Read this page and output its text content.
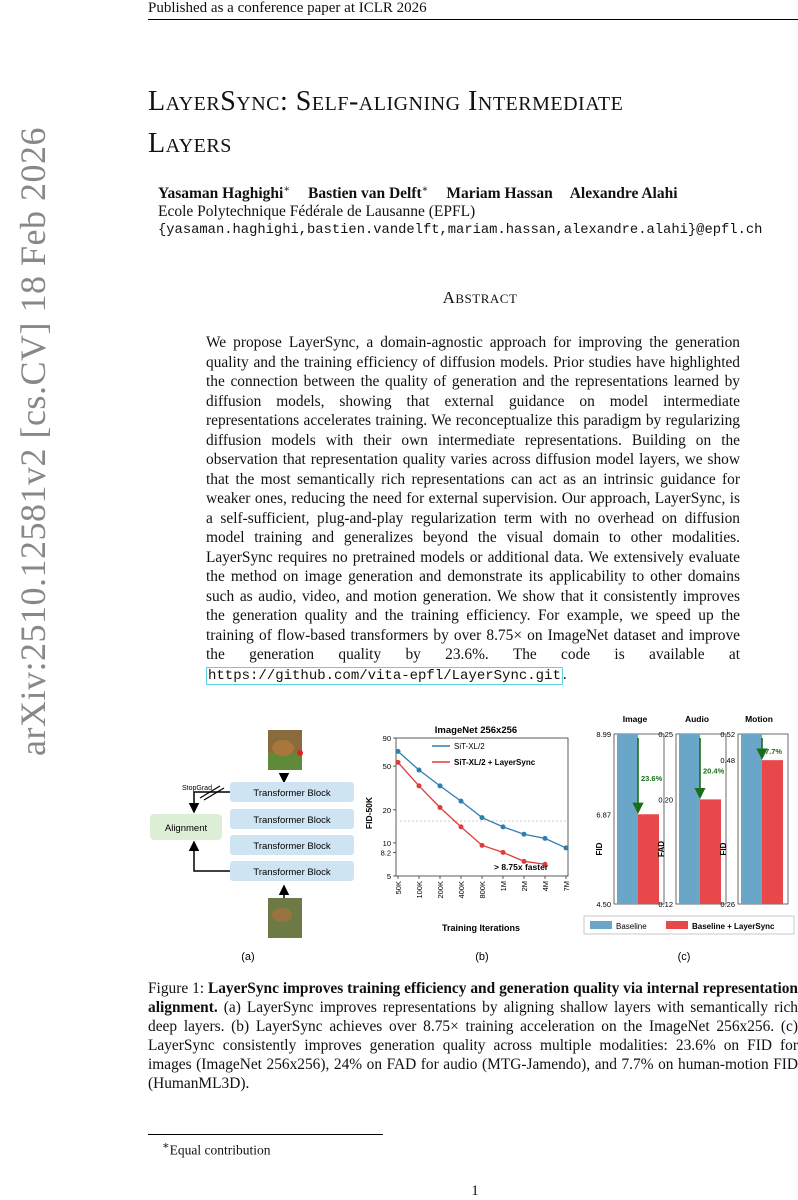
Published as a conference paper at ICLR 2026
arXiv:2510.12581v2 [cs.CV] 18 Feb 2026
LAYERSYNC: SELF-ALIGNING INTERMEDIATE
LAYERS
Yasaman Haghighi∗ Bastien van Delft∗ Mariam Hassan Alexandre Alahi
Ecole Polytechnique Fédérale de Lausanne (EPFL)
{yasaman.haghighi,bastien.vandelft,mariam.hassan,alexandre.alahi}@epfl.ch
ABSTRACT
We propose LayerSync, a domain-agnostic approach for improving the generation quality and the training efficiency of diffusion models. Prior studies have highlighted the connection between the quality of generation and the representations learned by diffusion models, showing that external guidance on model intermediate representations accelerates training. We reconceptualize this paradigm by regularizing diffusion models with their own intermediate representations. Building on the observation that representation quality varies across diffusion model layers, we show that the most semantically rich representations can act as an intrinsic guidance for weaker ones, reducing the need for external supervision. Our approach, LayerSync, is a self-sufficient, plug-and-play regularization term with no overhead on diffusion model training and generalizes beyond the visual domain to other modalities. LayerSync requires no pretrained models or additional data. We extensively evaluate the method on image generation and demonstrate its applicability to other domains such as audio, video, and motion generation. We show that it consistently improves the generation quality and the training efficiency. For example, we speed up the training of flow-based transformers by over 8.75× on ImageNet dataset and improve the generation quality by 23.6%. The code is available at https://github.com/vita-epfl/LayerSync.git .
Transformer Block
Transformer Block
Transformer Block
Transformer Block
Alignment
StopGrad
(a)
ImageNet 256x256
90
50
20
10
8.2
5
50K 100K 200K 400K 800K 1M 2M 4M 7M
FID-50K
Training Iterations
SiT-XL/2
SiT-XL/2 + LayerSync
> 8.75x faster
(b)
Baseline	Baseline + LayerSync
(c)
Image
8.99
6.87
4.50
FID
23.6%
Audio
0.25
0.20
0.12
FAD
20.4%
Motion
0.52
0.48
0.26
FID
7.7%
Figure 1: LayerSync improves training efficiency and generation quality via internal representation alignment. (a) LayerSync improves representations by aligning shallow layers with semantically rich deep layers. (b) LayerSync achieves over 8.75× training acceleration on the ImageNet 256x256. (c) LayerSync consistently improves generation quality across multiple modalities: 23.6% on FID for images (ImageNet 256x256), 24% on FAD for audio (MTG-Jamendo), and 7.7% on human-motion FID (HumanML3D).
∗Equal contribution
1
